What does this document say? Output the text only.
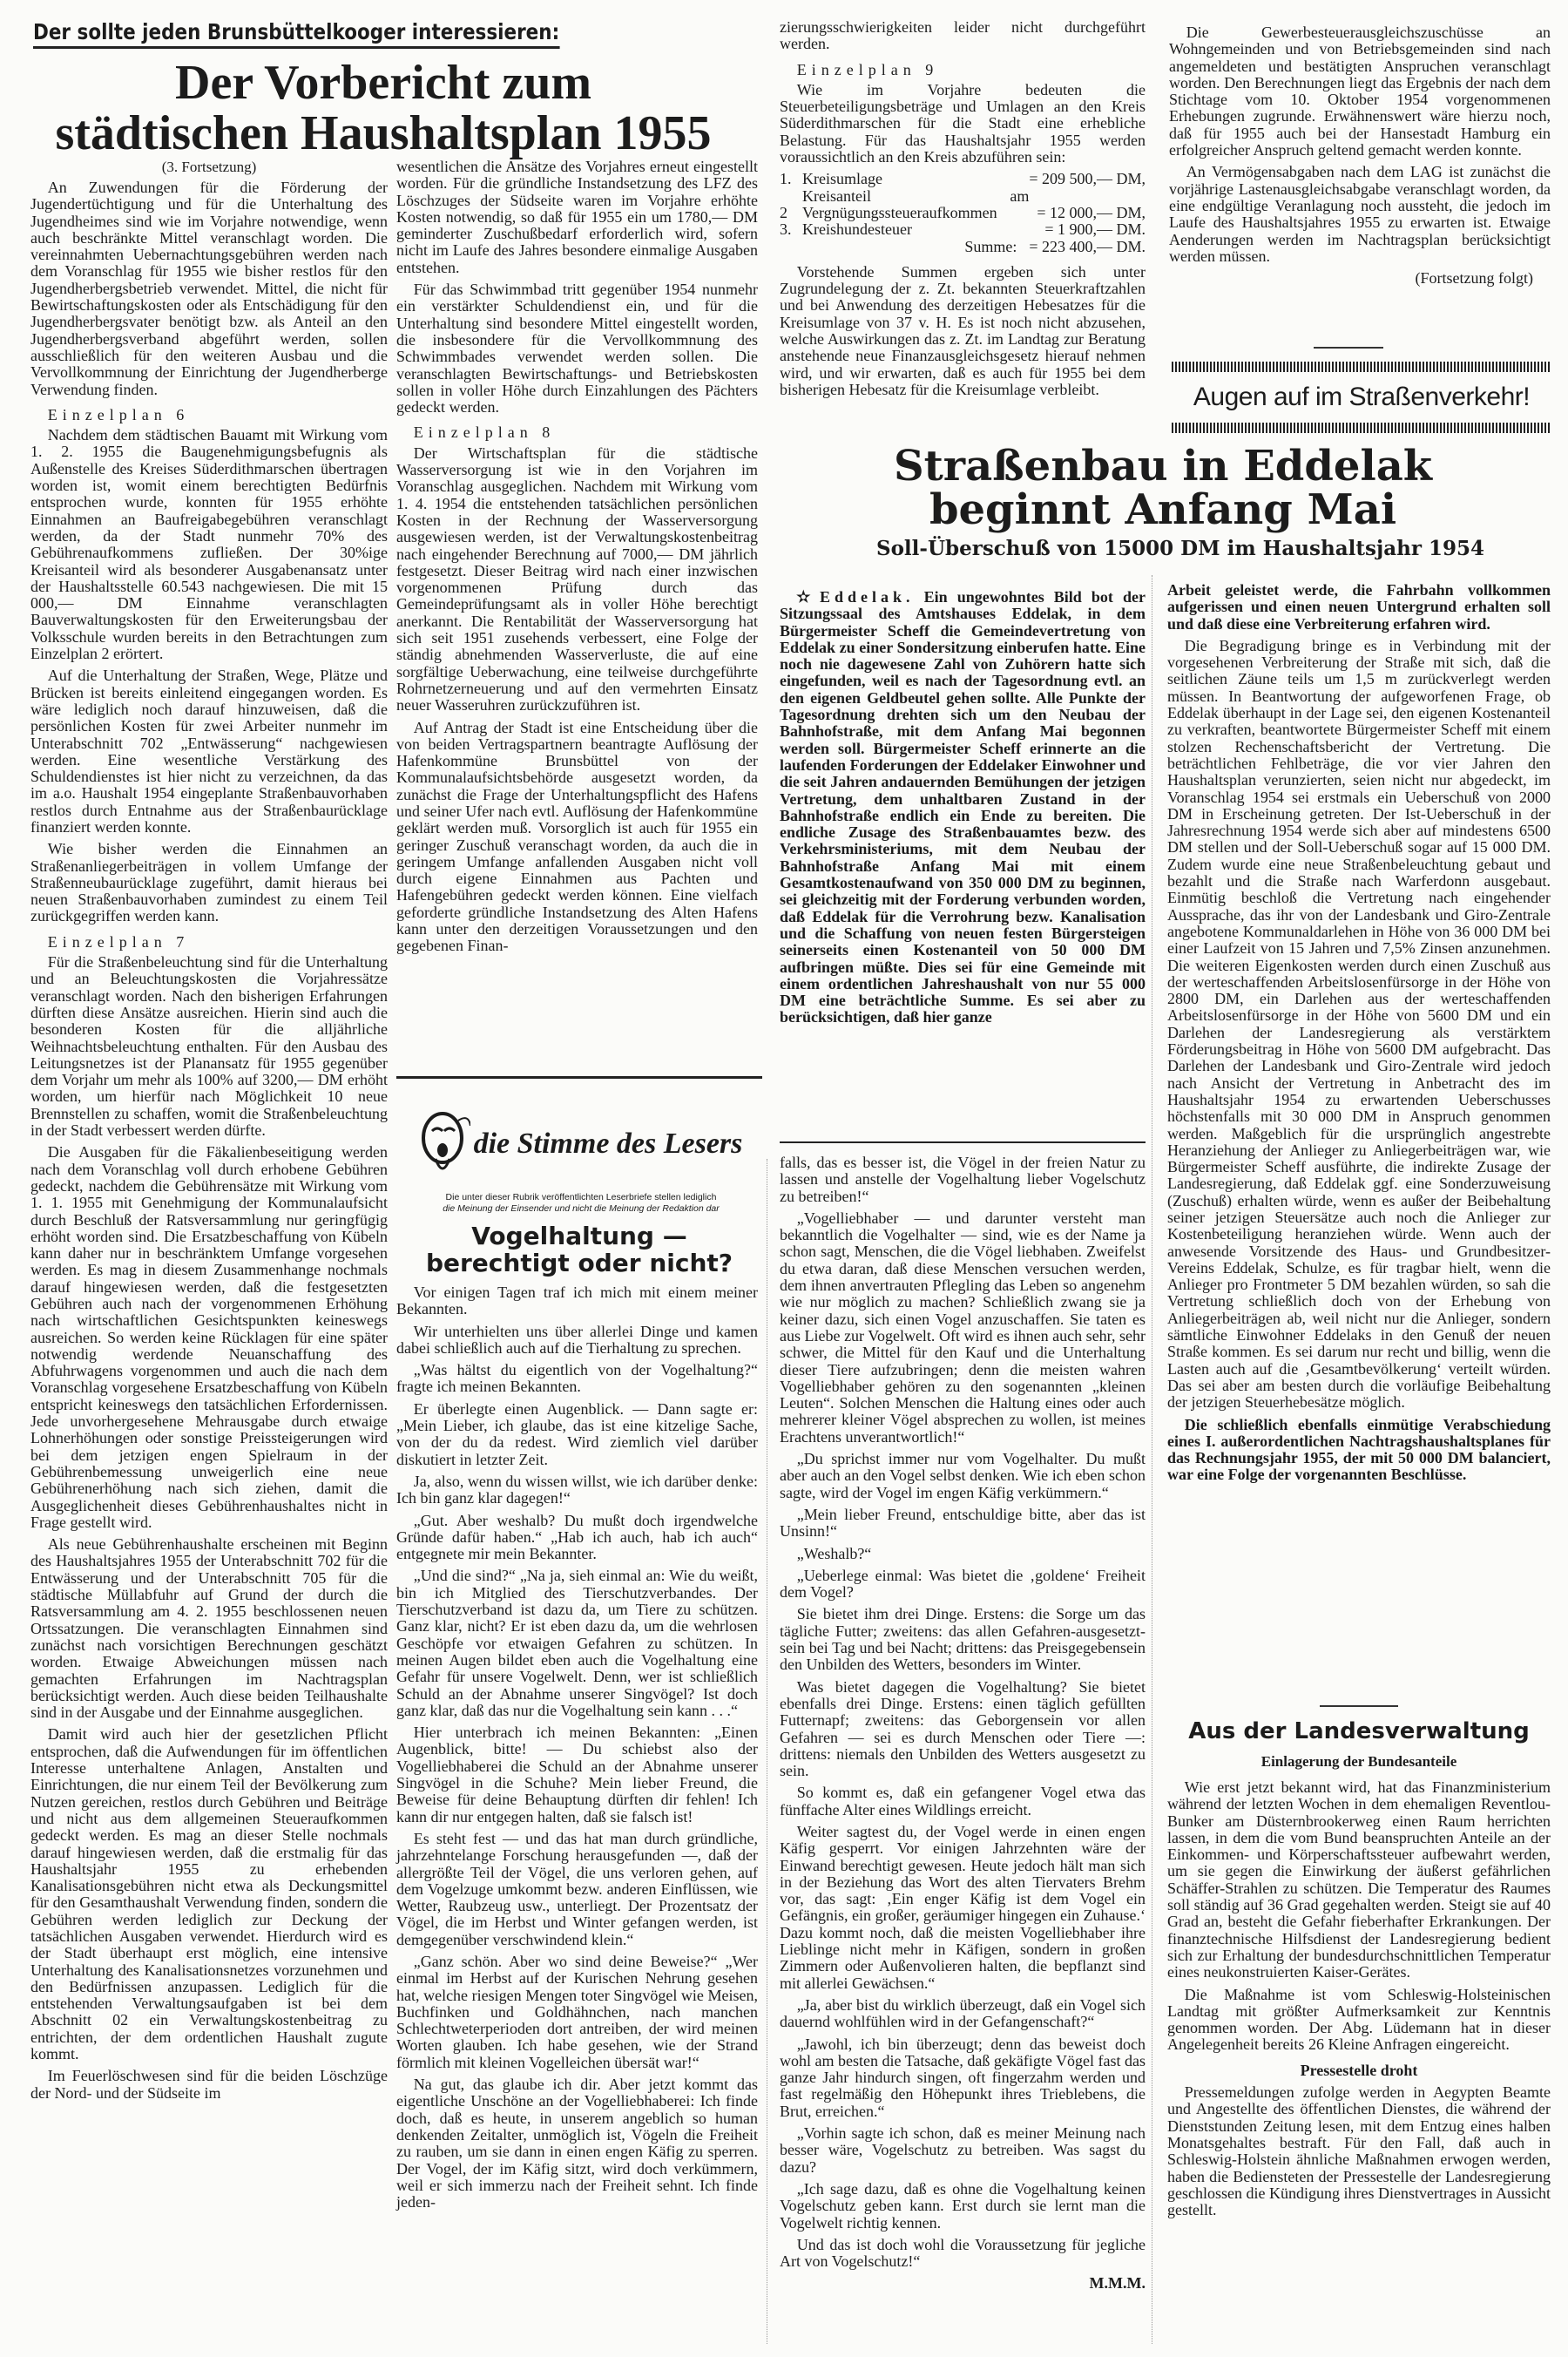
Der sollte jeden Brunsbüttelkooger interessieren:
Der Vorbericht zum
städtischen Haushaltsplan 1955
(3. Fortsetzung)

An Zuwendungen für die Förderung der Jugendertüchtigung und für die Unterhaltung des Jugendheimes sind wie im Vorjahre notwendige, wenn auch beschränkte Mittel veranschlagt worden. Die vereinnahmten Uebernachtungsgebühren werden nach dem Voranschlag für 1955 wie bisher restlos für den Jugendherbergsbetrieb verwendet. Mittel, die nicht für Bewirtschaftungskosten oder als Entschädigung für den Jugendherbergsvater benötigt bzw. als Anteil an den Jugendherbergsverband abgeführt werden, sollen ausschließlich für den weiteren Ausbau und die Vervollkommnung der Einrichtung der Jugendherberge Verwendung finden.

Einzelplan 6

Nachdem dem städtischen Bauamt mit Wirkung vom 1. 2. 1955 die Baugenehmigungsbefugnis als Außenstelle des Kreises Süderdithmarschen übertragen worden ist, womit einem berechtigten Bedürfnis entsprochen wurde, konnten für 1955 erhöhte Einnahmen an Baufreigabegebühren veranschlagt werden, da der Stadt nunmehr 70% des Gebührenaufkommens zufließen. Der 30%ige Kreisanteil wird als besonderer Ausgabenansatz unter der Haushaltsstelle 60.543 nachgewiesen. Die mit 15 000,— DM Einnahme veranschlagten Bauverwaltungskosten für den Erweiterungsbau der Volksschule wurden bereits in den Betrachtungen zum Einzelplan 2 erörtert.

Auf die Unterhaltung der Straßen, Wege, Plätze und Brücken ist bereits einleitend eingegangen worden. Es wäre lediglich noch darauf hinzuweisen, daß die persönlichen Kosten für zwei Arbeiter nunmehr im Unterabschnitt 702 „Entwässerung“ nachgewiesen werden. Eine wesentliche Verstärkung des Schuldendienstes ist hier nicht zu verzeichnen, da das im a.o. Haushalt 1954 eingeplante Straßenbauvorhaben restlos durch Entnahme aus der Straßenbaurücklage finanziert werden konnte.

Wie bisher werden die Einnahmen an Straßenanliegerbeiträgen in vollem Umfange der Straßenneubaurücklage zugeführt, damit hieraus bei neuen Straßenbauvorhaben zumindest zu einem Teil zurückgegriffen werden kann.

Einzelplan 7

Für die Straßenbeleuchtung sind für die Unterhaltung und an Beleuchtungskosten die Vorjahressätze veranschlagt worden. Nach den bisherigen Erfahrungen dürften diese Ansätze ausreichen. Hierin sind auch die besonderen Kosten für die alljährliche Weihnachtsbeleuchtung enthalten. Für den Ausbau des Leitungsnetzes ist der Planansatz für 1955 gegenüber dem Vorjahr um mehr als 100% auf 3200,— DM erhöht worden, um hierfür nach Möglichkeit 10 neue Brennstellen zu schaffen, womit die Straßenbeleuchtung in der Stadt verbessert werden dürfte.

Die Ausgaben für die Fäkalienbeseitigung werden nach dem Voranschlag voll durch erhobene Gebühren gedeckt, nachdem die Gebührensätze mit Wirkung vom 1. 1. 1955 mit Genehmigung der Kommunalaufsicht durch Beschluß der Ratsversammlung nur geringfügig erhöht worden sind. Die Ersatzbeschaffung von Kübeln kann daher nur in beschränktem Umfange vorgesehen werden. Es mag in diesem Zusammenhange nochmals darauf hingewiesen werden, daß die festgesetzten Gebühren auch nach der vorgenommenen Erhöhung nach wirtschaftlichen Gesichtspunkten keineswegs ausreichen. So werden keine Rücklagen für eine später notwendig werdende Neuanschaffung des Abfuhrwagens vorgenommen und auch die nach dem Voranschlag vorgesehene Ersatzbeschaffung von Kübeln entspricht keineswegs den tatsächlichen Erfordernissen. Jede unvorhergesehene Mehrausgabe durch etwaige Lohnerhöhungen oder sonstige Preissteigerungen wird bei dem jetzigen engen Spielraum in der Gebührenbemessung unweigerlich eine neue Gebührenerhöhung nach sich ziehen, damit die Ausgeglichenheit dieses Gebührenhaushaltes nicht in Frage gestellt wird.

Als neue Gebührenhaushalte erscheinen mit Beginn des Haushaltsjahres 1955 der Unterabschnitt 702 für die Entwässerung und der Unterabschnitt 705 für die städtische Müllabfuhr auf Grund der durch die Ratsversammlung am 4. 2. 1955 beschlossenen neuen Ortssatzungen. Die veranschlagten Einnahmen sind zunächst nach vorsichtigen Berechnungen geschätzt worden. Etwaige Abweichungen müssen nach gemachten Erfahrungen im Nachtragsplan berücksichtigt werden. Auch diese beiden Teilhaushalte sind in der Ausgabe und der Einnahme ausgeglichen.

Damit wird auch hier der gesetzlichen Pflicht entsprochen, daß die Aufwendungen für im öffentlichen Interesse unterhaltene Anlagen, Anstalten und Einrichtungen, die nur einem Teil der Bevölkerung zum Nutzen gereichen, restlos durch Gebühren und Beiträge und nicht aus dem allgemeinen Steueraufkommen gedeckt werden. Es mag an dieser Stelle nochmals darauf hingewiesen werden, daß die erstmalig für das Haushaltsjahr 1955 zu erhebenden Kanalisationsgebühren nicht etwa als Deckungsmittel für den Gesamthaushalt Verwendung finden, sondern die Gebühren werden lediglich zur Deckung der tatsächlichen Ausgaben verwendet. Hierdurch wird es der Stadt überhaupt erst möglich, eine intensive Unterhaltung des Kanalisationsnetzes vorzunehmen und den Bedürfnissen anzupassen. Lediglich für die entstehenden Verwaltungsaufgaben ist bei dem Abschnitt 02 ein Verwaltungskostenbeitrag zu entrichten, der dem ordentlichen Haushalt zugute kommt.

Im Feuerlöschwesen sind für die beiden Löschzüge der Nord- und der Südseite im

wesentlichen die Ansätze des Vorjahres erneut eingestellt worden. Für die gründliche Instandsetzung des LFZ des Löschzuges der Südseite waren im Vorjahre erhöhte Kosten notwendig, so daß für 1955 ein um 1780,— DM geminderter Zuschußbedarf erforderlich wird, sofern nicht im Laufe des Jahres besondere einmalige Ausgaben entstehen.

Für das Schwimmbad tritt gegenüber 1954 nunmehr ein verstärkter Schuldendienst ein, und für die Unterhaltung sind besondere Mittel eingestellt worden, die insbesondere für die Vervollkommnung des Schwimmbades verwendet werden sollen. Die veranschlagten Bewirtschaftungs- und Betriebskosten sollen in voller Höhe durch Einzahlungen des Pächters gedeckt werden.

Einzelplan 8

Der Wirtschaftsplan für die städtische Wasserversorgung ist wie in den Vorjahren im Voranschlag ausgeglichen. Nachdem mit Wirkung vom 1. 4. 1954 die entstehenden tatsächlichen persönlichen Kosten in der Rechnung der Wasserversorgung ausgewiesen werden, ist der Verwaltungskostenbeitrag nach eingehender Berechnung auf 7000,— DM jährlich festgesetzt. Dieser Beitrag wird nach einer inzwischen vorgenommenen Prüfung durch das Gemeindeprüfungsamt als in voller Höhe berechtigt anerkannt. Die Rentabilität der Wasserversorgung hat sich seit 1951 zusehends verbessert, eine Folge der ständig abnehmenden Wasserverluste, die auf eine sorgfältige Ueberwachung, eine teilweise durchgeführte Rohrnetzerneuerung und auf den vermehrten Einsatz neuer Wasseruhren zurückzuführen ist.

Auf Antrag der Stadt ist eine Entscheidung über die von beiden Vertragspartnern beantragte Auflösung der Hafenkommüne Brunsbüttel von der Kommunalaufsichtsbehörde ausgesetzt worden, da zunächst die Frage der Unterhaltungspflicht des Hafens und seiner Ufer nach evtl. Auflösung der Hafenkommüne geklärt werden muß. Vorsorglich ist auch für 1955 ein geringer Zuschuß veranschagt worden, da auch die in geringem Umfange anfallenden Ausgaben nicht voll durch eigene Einnahmen aus Pachten und Hafengebühren gedeckt werden können. Eine vielfach geforderte gründliche Instandsetzung des Alten Hafens kann unter den derzeitigen Voraussetzungen und den gegebenen Finan-

zierungsschwierigkeiten leider nicht durchgeführt werden.

Einzelplan 9

Wie im Vorjahre bedeuten die Steuerbeteiligungsbeträge und Umlagen an den Kreis Süderdithmarschen für die Stadt eine erhebliche Belastung. Für das Haushaltsjahr 1955 werden voraussichtlich an den Kreis abzuführen sein:

1.	Kreisumlage	= 209 500,— DM,
2	Kreisanteil am Vergnügungssteueraufkommen	= 12 000,— DM,
3.	Kreishundesteuer	= 1 900,— DM.
	Summe:	= 223 400,— DM.

Vorstehende Summen ergeben sich unter Zugrundelegung der z. Zt. bekannten Steuerkraftzahlen und bei Anwendung des derzeitigen Hebesatzes für die Kreisumlage von 37 v. H. Es ist noch nicht abzusehen, welche Auswirkungen das z. Zt. im Landtag zur Beratung anstehende neue Finanzausgleichsgesetz hierauf nehmen wird, und wir erwarten, daß es auch für 1955 bei dem bisherigen Hebesatz für die Kreisumlage verbleibt.

Die Gewerbesteuerausgleichszuschüsse an Wohngemeinden und von Betriebsgemeinden sind nach angemeldeten und bestätigten Anspruchen veranschlagt worden. Den Berechnungen liegt das Ergebnis der nach dem Stichtage vom 10. Oktober 1954 vorgenommenen Erhebungen zugrunde. Erwähnenswert wäre hierzu noch, daß für 1955 auch bei der Hansestadt Hamburg ein erfolgreicher Anspruch geltend gemacht werden konnte.

An Vermögensabgaben nach dem LAG ist zunächst die vorjährige Lastenausgleichsabgabe veranschlagt worden, da eine endgültige Veranlagung noch aussteht, die jedoch im Laufe des Haushaltsjahres 1955 zu erwarten ist. Etwaige Aenderungen werden im Nachtragsplan berücksichtigt werden müssen.

(Fortsetzung folgt)
Augen auf im Straßenverkehr!
Straßenbau in Eddelak
beginnt Anfang Mai
Soll-Überschuß von 15000 DM im Haushaltsjahr 1954

✫ Eddelak. Ein ungewohntes Bild bot der Sitzungssaal des Amtshauses Eddelak, in dem Bürgermeister Scheff die Gemeindevertretung von Eddelak zu einer Sondersitzung einberufen hatte. Eine noch nie dagewesene Zahl von Zuhörern hatte sich eingefunden, weil es nach der Tagesordnung evtl. an den eigenen Geldbeutel gehen sollte. Alle Punkte der Tagesordnung drehten sich um den Neubau der Bahnhofstraße, mit dem Anfang Mai begonnen werden soll. Bürgermeister Scheff erinnerte an die laufenden Forderungen der Eddelaker Einwohner und die seit Jahren andauernden Bemühungen der jetzigen Vertretung, dem unhaltbaren Zustand in der Bahnhofstraße endlich ein Ende zu bereiten. Die endliche Zusage des Straßenbauamtes bezw. des Verkehrsministeriums, mit dem Neubau der Bahnhofstraße Anfang Mai mit einem Gesamtkostenaufwand von 350 000 DM zu beginnen, sei gleichzeitig mit der Forderung verbunden worden, daß Eddelak für die Verrohrung bezw. Kanalisation und die Schaffung von neuen festen Bürgersteigen seinerseits einen Kostenanteil von 50 000 DM aufbringen müßte. Dies sei für eine Gemeinde mit einem ordentlichen Jahreshaushalt von nur 55 000 DM eine beträchtliche Summe. Es sei aber zu berücksichtigen, daß hier ganze

Arbeit geleistet werde, die Fahrbahn vollkommen aufgerissen und einen neuen Untergrund erhalten soll und daß diese eine Verbreiterung erfahren wird.

Die Begradigung bringe es in Verbindung mit der vorgesehenen Verbreiterung der Straße mit sich, daß die seitlichen Zäune teils um 1,5 m zurückverlegt werden müssen. In Beantwortung der aufgeworfenen Frage, ob Eddelak überhaupt in der Lage sei, den eigenen Kostenanteil zu verkraften, beantwortete Bürgermeister Scheff mit einem stolzen Rechenschaftsbericht der Vertretung. Die beträchtlichen Fehlbeträge, die vor vier Jahren den Haushaltsplan verunzierten, seien nicht nur abgedeckt, im Voranschlag 1954 sei erstmals ein Ueberschuß von 2000 DM in Erscheinung getreten. Der Ist-Ueberschuß in der Jahresrechnung 1954 werde sich aber auf mindestens 6500 DM stellen und der Soll-Ueberschuß sogar auf 15 000 DM. Zudem wurde eine neue Straßenbeleuchtung gebaut und bezahlt und die Straße nach Warferdonn ausgebaut. Einmütig beschloß die Vertretung nach eingehender Aussprache, das ihr von der Landesbank und Giro-Zentrale angebotene Kommunaldarlehen in Höhe von 36 000 DM bei einer Laufzeit von 15 Jahren und 7,5% Zinsen anzunehmen. Die weiteren Eigenkosten werden durch einen Zuschuß aus der werteschaffenden Arbeitslosenfürsorge in der Höhe von 2800 DM, ein Darlehen aus der werteschaffenden Arbeitslosenfürsorge in der Höhe von 5600 DM und ein Darlehen der Landesregierung als verstärktem Förderungsbeitrag in Höhe von 5600 DM aufgebracht. Das Darlehen der Landesbank und Giro-Zentrale wird jedoch nach Ansicht der Vertretung in Anbetracht des im Haushaltsjahr 1954 zu erwartenden Ueberschusses höchstenfalls mit 30 000 DM in Anspruch genommen werden. Maßgeblich für die ursprünglich angestrebte Heranziehung der Anlieger zu Anliegerbeiträgen war, wie Bürgermeister Scheff ausführte, die indirekte Zusage der Landesregierung, daß Eddelak ggf. eine Sonderzuweisung (Zuschuß) erhalten würde, wenn es außer der Beibehaltung seiner jetzigen Steuersätze auch noch die Anlieger zur Kostenbeteiligung heranziehen würde. Wenn auch der anwesende Vorsitzende des Haus- und Grundbesitzer-Vereins Eddelak, Schulze, es für tragbar hielt, wenn die Anlieger pro Frontmeter 5 DM bezahlen würden, so sah die Vertretung schließlich doch von der Erhebung von Anliegerbeiträgen ab, weil nicht nur die Anlieger, sondern sämtliche Einwohner Eddelaks in den Genuß der neuen Straße kommen. Es sei darum nur recht und billig, wenn die Lasten auch auf die ‚Gesamtbevölkerung‘ verteilt würden. Das sei aber am besten durch die vorläufige Beibehaltung der jetzigen Steuerhebesätze möglich.

Die schließlich ebenfalls einmütige Verabschiedung eines I. außerordentlichen Nachtragshaushaltsplanes für das Rechnungsjahr 1955, der mit 50 000 DM balanciert, war eine Folge der vorgenannten Beschlüsse.

die Stimme des Lesers
Die unter dieser Rubrik veröffentlichten Leserbriefe stellen lediglich
die Meinung der Einsender und nicht die Meinung der Redaktion dar
Vogelhaltung —
berechtigt oder nicht?

Vor einigen Tagen traf ich mich mit einem meiner Bekannten.

Wir unterhielten uns über allerlei Dinge und kamen dabei schließlich auch auf die Tierhaltung zu sprechen.

„Was hältst du eigentlich von der Vogelhaltung?“ fragte ich meinen Bekannten.

Er überlegte einen Augenblick. — Dann sagte er: „Mein Lieber, ich glaube, das ist eine kitzelige Sache, von der du da redest. Wird ziemlich viel darüber diskutiert in letzter Zeit.

Ja, also, wenn du wissen willst, wie ich darüber denke: Ich bin ganz klar dagegen!“

„Gut. Aber weshalb? Du mußt doch irgendwelche Gründe dafür haben.“ „Hab ich auch, hab ich auch“ entgegnete mir mein Bekannter.

„Und die sind?“ „Na ja, sieh einmal an: Wie du weißt, bin ich Mitglied des Tierschutzverbandes. Der Tierschutzverband ist dazu da, um Tiere zu schützen. Ganz klar, nicht? Er ist eben dazu da, um die wehrlosen Geschöpfe vor etwaigen Gefahren zu schützen. In meinen Augen bildet eben auch die Vogelhaltung eine Gefahr für unsere Vogelwelt. Denn, wer ist schließlich Schuld an der Abnahme unserer Singvögel? Ist doch ganz klar, daß das nur die Vogelhaltung sein kann . . .“

Hier unterbrach ich meinen Bekannten: „Einen Augenblick, bitte! — Du schiebst also der Vogelliebhaberei die Schuld an der Abnahme unserer Singvögel in die Schuhe? Mein lieber Freund, die Beweise für deine Behauptung dürften dir fehlen! Ich kann dir nur entgegen halten, daß sie falsch ist!

Es steht fest — und das hat man durch gründliche, jahrzehntelange Forschung herausgefunden —, daß der allergrößte Teil der Vögel, die uns verloren gehen, auf dem Vogelzuge umkommt bezw. anderen Einflüssen, wie Wetter, Raubzeug usw., unterliegt. Der Prozentsatz der Vögel, die im Herbst und Winter gefangen werden, ist demgegenüber verschwindend klein.“

„Ganz schön. Aber wo sind deine Beweise?“ „Wer einmal im Herbst auf der Kurischen Nehrung gesehen hat, welche riesigen Mengen toter Singvögel wie Meisen, Buchfinken und Goldhähnchen, nach manchen Schlechtweterperioden dort antreiben, der wird meinen Worten glauben. Ich habe gesehen, wie der Strand förmlich mit kleinen Vogelleichen übersät war!“

Na gut, das glaube ich dir. Aber jetzt kommt das eigentliche Unschöne an der Vogelliebhaberei: Ich finde doch, daß es heute, in unserem angeblich so human denkenden Zeitalter, unmöglich ist, Vögeln die Freiheit zu rauben, um sie dann in einen engen Käfig zu sperren. Der Vogel, der im Käfig sitzt, wird doch verkümmern, weil er sich immerzu nach der Freiheit sehnt. Ich finde jeden-

falls, das es besser ist, die Vögel in der freien Natur zu lassen und anstelle der Vogelhaltung lieber Vogelschutz zu betreiben!“

„Vogelliebhaber — und darunter versteht man bekanntlich die Vogelhalter — sind, wie es der Name ja schon sagt, Menschen, die die Vögel liebhaben. Zweifelst du etwa daran, daß diese Menschen versuchen werden, dem ihnen anvertrauten Pflegling das Leben so angenehm wie nur möglich zu machen? Schließlich zwang sie ja keiner dazu, sich einen Vogel anzuschaffen. Sie taten es aus Liebe zur Vogelwelt. Oft wird es ihnen auch sehr, sehr schwer, die Mittel für den Kauf und die Unterhaltung dieser Tiere aufzubringen; denn die meisten wahren Vogelliebhaber gehören zu den sogenannten „kleinen Leuten“. Solchen Menschen die Haltung eines oder auch mehrerer kleiner Vögel absprechen zu wollen, ist meines Erachtens unverantwortlich!“

„Du sprichst immer nur vom Vogelhalter. Du mußt aber auch an den Vogel selbst denken. Wie ich eben schon sagte, wird der Vogel im engen Käfig verkümmern.“

„Mein lieber Freund, entschuldige bitte, aber das ist Unsinn!“

„Weshalb?“

„Ueberlege einmal: Was bietet die ‚goldene‘ Freiheit dem Vogel?

Sie bietet ihm drei Dinge. Erstens: die Sorge um das tägliche Futter; zweitens: das allen Gefahren-ausgesetzt-sein bei Tag und bei Nacht; drittens: das Preisgegebensein den Unbilden des Wetters, besonders im Winter.

Was bietet dagegen die Vogelhaltung? Sie bietet ebenfalls drei Dinge. Erstens: einen täglich gefüllten Futternapf; zweitens: das Geborgensein vor allen Gefahren — sei es durch Menschen oder Tiere —: drittens: niemals den Unbilden des Wetters ausgesetzt zu sein.

So kommt es, daß ein gefangener Vogel etwa das fünffache Alter eines Wildlings erreicht.

Weiter sagtest du, der Vogel werde in einen engen Käfig gesperrt. Vor einigen Jahrzehnten wäre der Einwand berechtigt gewesen. Heute jedoch hält man sich in der Beziehung das Wort des alten Tiervaters Brehm vor, das sagt: ‚Ein enger Käfig ist dem Vogel ein Gefängnis, ein großer, geräumiger hingegen ein Zuhause.‘ Dazu kommt noch, daß die meisten Vogelliebhaber ihre Lieblinge nicht mehr in Käfigen, sondern in großen Zimmern oder Außenvolieren halten, die bepflanzt sind mit allerlei Gewächsen.“

„Ja, aber bist du wirklich überzeugt, daß ein Vogel sich dauernd wohlfühlen wird in der Gefangenschaft?“

„Jawohl, ich bin überzeugt; denn das beweist doch wohl am besten die Tatsache, daß gekäfigte Vögel fast das ganze Jahr hindurch singen, oft fingerzahm werden und fast regelmäßig den Höhepunkt ihres Trieblebens, die Brut, erreichen.“

„Vorhin sagte ich schon, daß es meiner Meinung nach besser wäre, Vogelschutz zu betreiben. Was sagst du dazu?

„Ich sage dazu, daß es ohne die Vogelhaltung keinen Vogelschutz geben kann. Erst durch sie lernt man die Vogelwelt richtig kennen.

Und das ist doch wohl die Voraussetzung für jegliche Art von Vogelschutz!“

M.M.M.
Aus der Landesverwaltung
Einlagerung der Bundesanteile

Wie erst jetzt bekannt wird, hat das Finanzministerium während der letzten Wochen in dem ehemaligen Reventlou-Bunker am Düsternbrookerweg einen Raum herrichten lassen, in dem die vom Bund beanspruchten Anteile an der Einkommen- und Körperschaftssteuer aufbewahrt werden, um sie gegen die Einwirkung der äußerst gefährlichen Schäffer-Strahlen zu schützen. Die Temperatur des Raumes soll ständig auf 36 Grad gegehalten werden. Steigt sie auf 40 Grad an, besteht die Gefahr fieberhafter Erkrankungen. Der finanztechnische Hilfsdienst der Landesregierung bedient sich zur Erhaltung der bundesdurchschnittlichen Temperatur eines neukonstruierten Kaiser-Gerätes.

Die Maßnahme ist vom Schleswig-Holsteinischen Landtag mit größter Aufmerksamkeit zur Kenntnis genommen worden. Der Abg. Lüdemann hat in dieser Angelegenheit bereits 26 Kleine Anfragen eingereicht.

Pressestelle droht

Pressemeldungen zufolge werden in Aegypten Beamte und Angestellte des öffentlichen Dienstes, die während der Dienststunden Zeitung lesen, mit dem Entzug eines halben Monatsgehaltes bestraft. Für den Fall, daß auch in Schleswig-Holstein ähnliche Maßnahmen erwogen werden, haben die Bediensteten der Pressestelle der Landesregierung geschlossen die Kündigung ihres Dienstvertrages in Aussicht gestellt.
